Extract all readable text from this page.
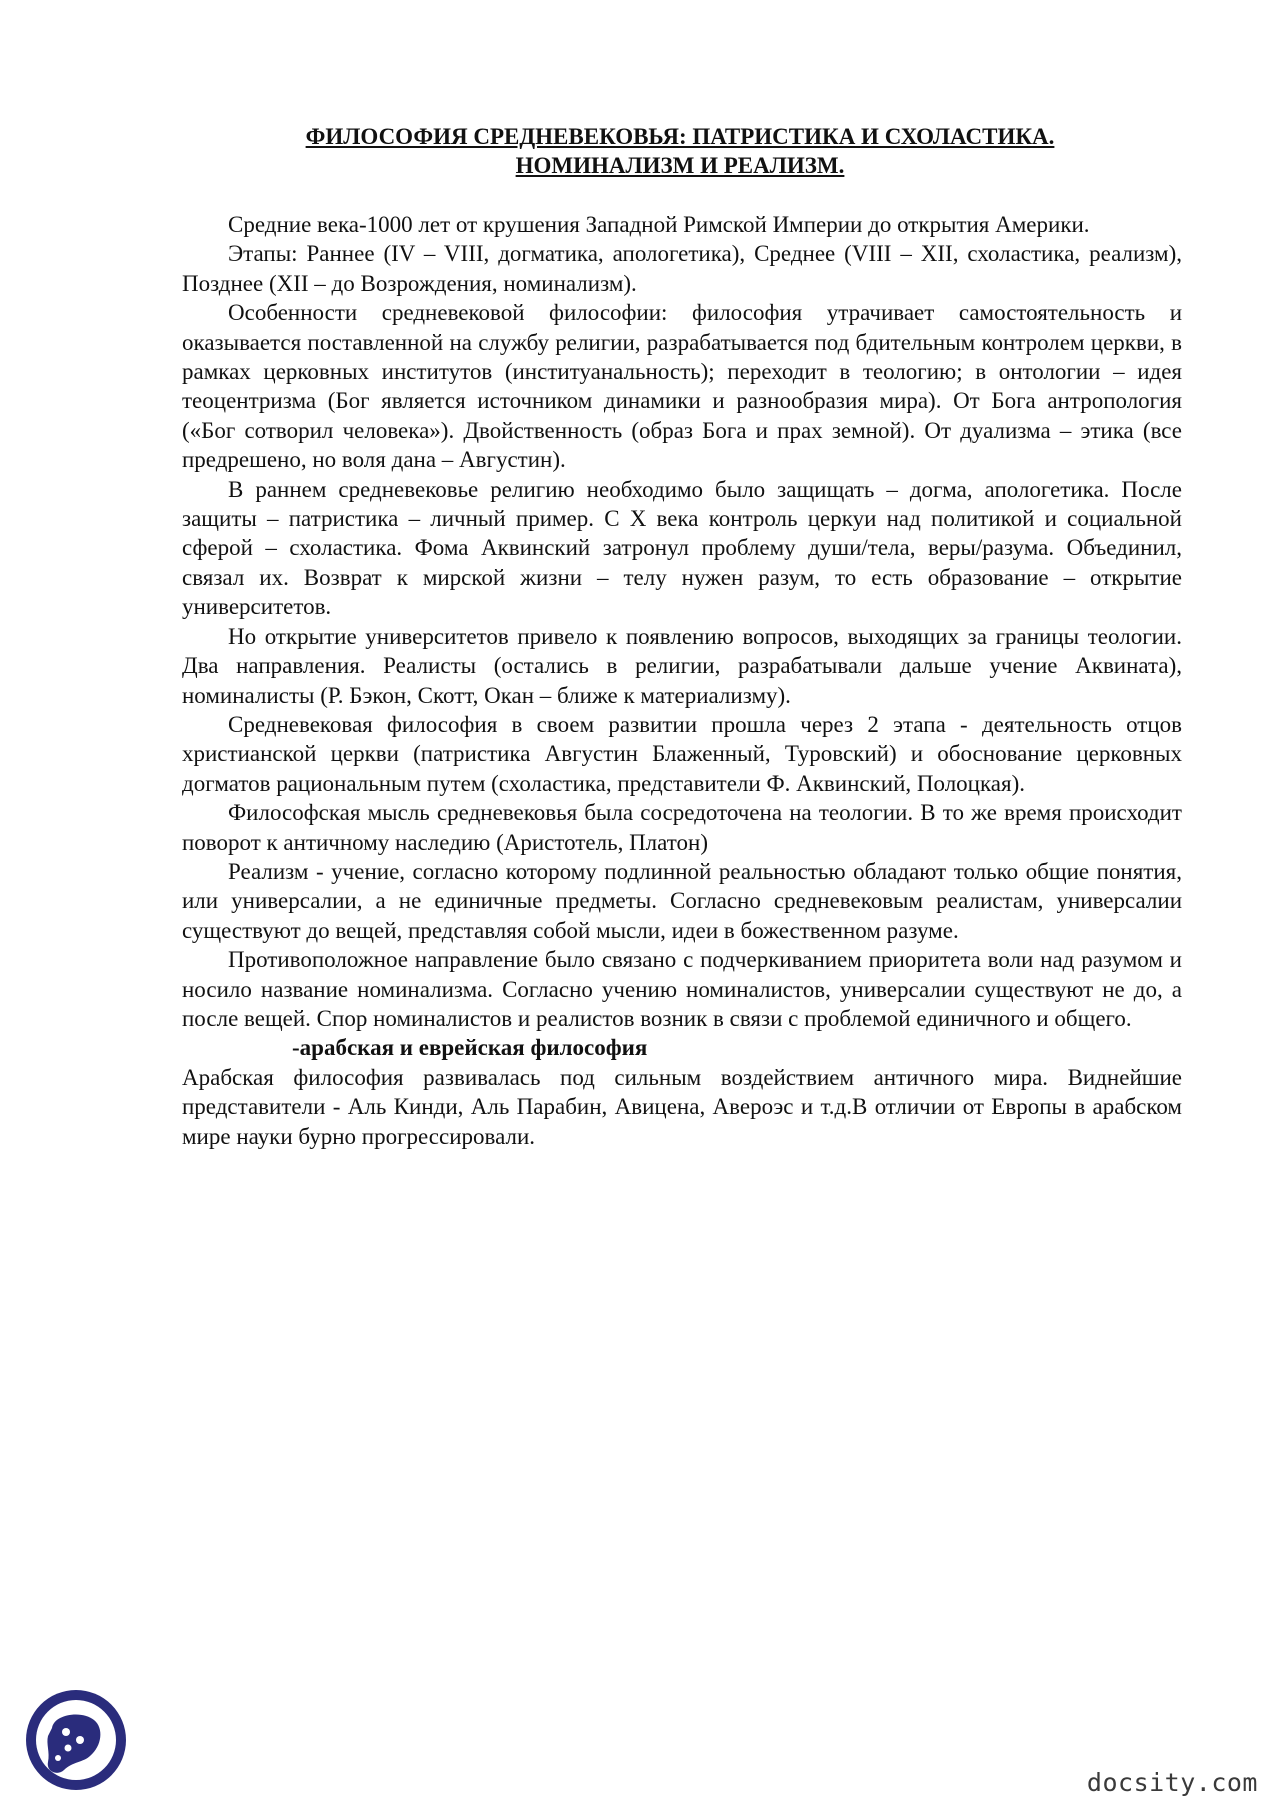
ФИЛОСОФИЯ СРЕДНЕВЕКОВЬЯ: ПАТРИСТИКА И СХОЛАСТИКА.
НОМИНАЛИЗМ И РЕАЛИЗМ.

Средние века-1000 лет от крушения Западной Римской Империи до открытия Америки.

Этапы: Раннее (IV – VIII, догматика, апологетика), Среднее (VIII – XII, схоластика, реализм), Позднее (XII – до Возрождения, номинализм).

Особенности средневековой философии: философия утрачивает самостоятельность и оказывается поставленной на службу религии, разрабатывается под бдительным контролем церкви, в рамках церковных институтов (институанальность); переходит в теологию; в онтологии – идея теоцентризма (Бог является источником динамики и разнообразия мира). От Бога антропология («Бог сотворил человека»). Двойственность (образ Бога и прах земной). От дуализма – этика (все предрешено, но воля дана – Августин).

В раннем средневековье религию необходимо было защищать – догма, апологетика. После защиты – патристика – личный пример. С X века контроль церкуи над политикой и социальной сферой – схоластика. Фома Аквинский затронул проблему души/тела, веры/разума. Объединил, связал их. Возврат к мирской жизни – телу нужен разум, то есть образование – открытие университетов.

Но открытие университетов привело к появлению вопросов, выходящих за границы теологии. Два направления. Реалисты (остались в религии, разрабатывали дальше учение Аквината), номиналисты (Р. Бэкон, Скотт, Окан – ближе к материализму).

Средневековая философия в своем развитии прошла через 2 этапа - деятельность отцов христианской церкви (патристика Августин Блаженный, Туровский) и обоснование церковных догматов рациональным путем (схоластика, представители Ф. Аквинский, Полоцкая).

Философская мысль средневековья была сосредоточена на теологии. В то же время происходит поворот к античному наследию (Аристотель, Платон)

Реализм - учение, согласно которому подлинной реальностью обладают только общие понятия, или универсалии, а не единичные предметы. Согласно средневековым реалистам, универсалии существуют до вещей, представляя собой мысли, идеи в божественном разуме.

Противоположное направление было связано с подчеркиванием приоритета воли над разумом и носило название номинализма. Согласно учению номиналистов, универсалии существуют не до, а после вещей. Спор номиналистов и реалистов возник в связи с проблемой единичного и общего.

-арабская и еврейская философия

Арабская философия развивалась под сильным воздействием античного мира. Виднейшие представители - Аль Кинди, Аль Парабин, Авицена, Авероэс и т.д.В отличии от Европы в арабском мире науки бурно прогрессировали.

docsity.com
